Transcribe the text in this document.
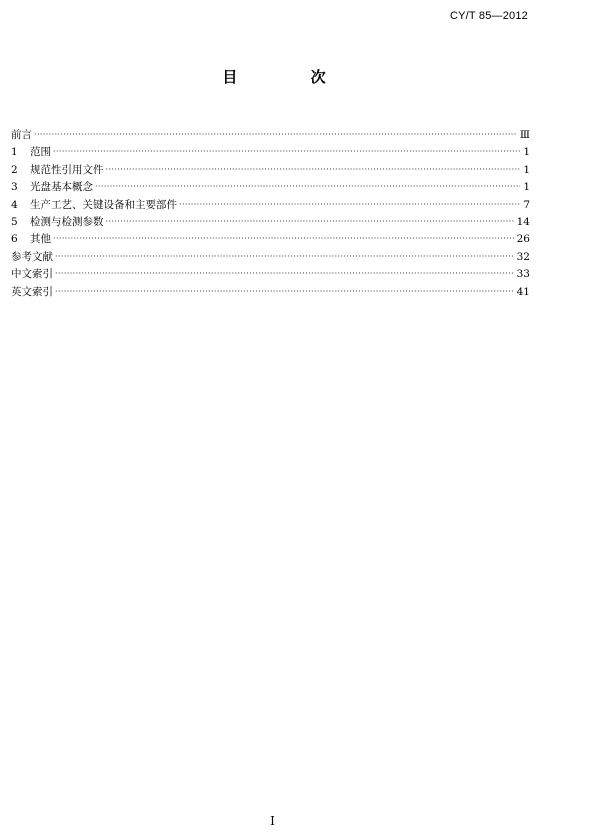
CY/T 85—2012
目 次
前言 ·····	Ⅲ
1	范围 ·····	1
2	规范性引用文件 ·····	1
3	光盘基本概念 ·····	1
4	生产工艺、关键设备和主要部件 ·····	7
5	检测与检测参数 ·····	14
6	其他 ·····	26
参考文献 ·····	32
中文索引 ·····	33
英文索引 ·····	41
I
